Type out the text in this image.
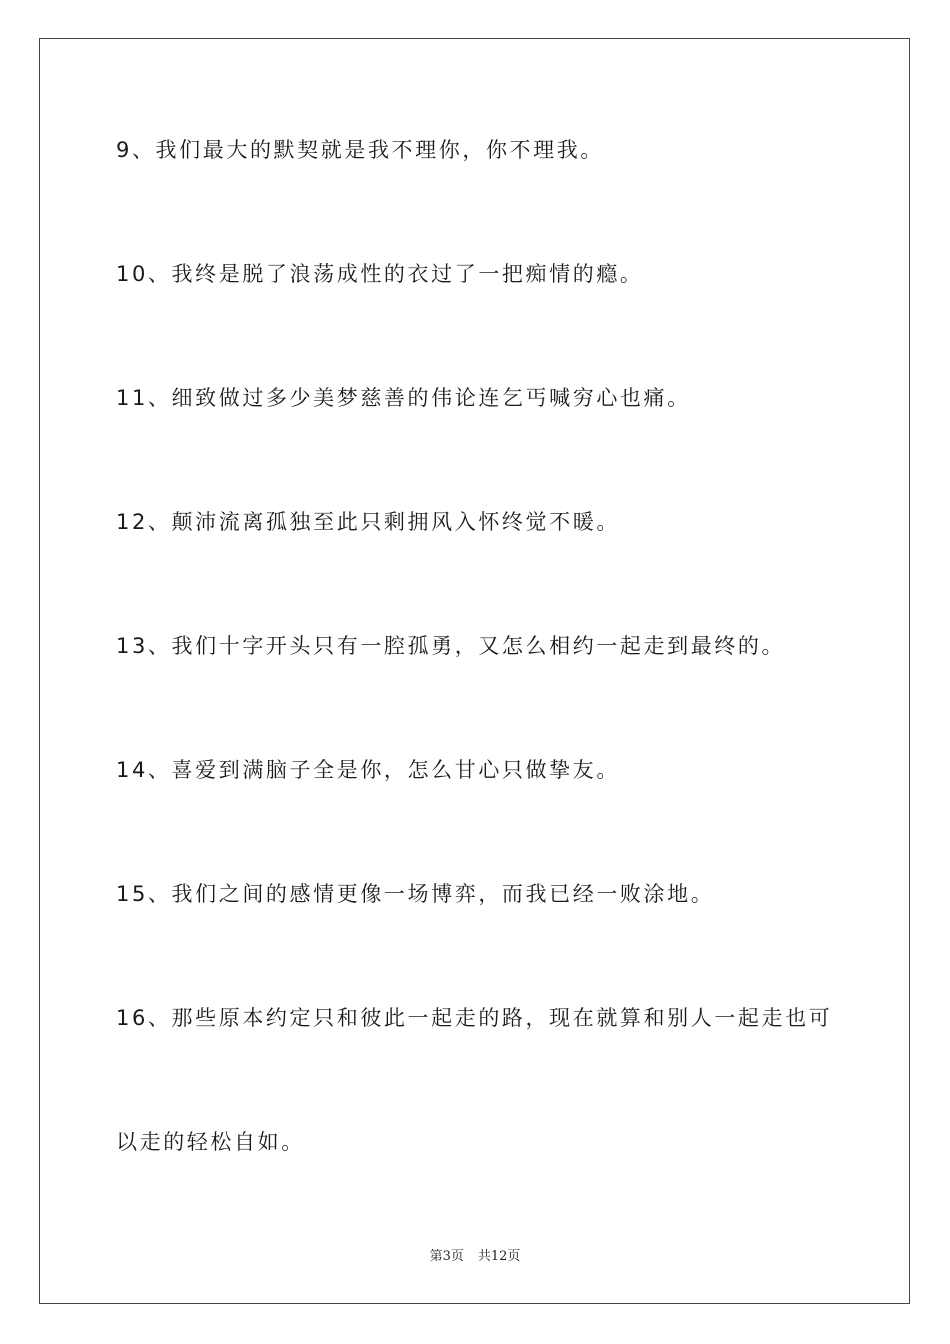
9、我们最大的默契就是我不理你，你不理我。
10、我终是脱了浪荡成性的衣过了一把痴情的瘾。
11、细致做过多少美梦慈善的伟论连乞丐喊穷心也痛。
12、颠沛流离孤独至此只剩拥风入怀终觉不暖。
13、我们十字开头只有一腔孤勇，又怎么相约一起走到最终的。
14、喜爱到满脑子全是你，怎么甘心只做挚友。
15、我们之间的感情更像一场博弈，而我已经一败涂地。
16、那些原本约定只和彼此一起走的路，现在就算和别人一起走也可
以走的轻松自如。
第3页 共12页
